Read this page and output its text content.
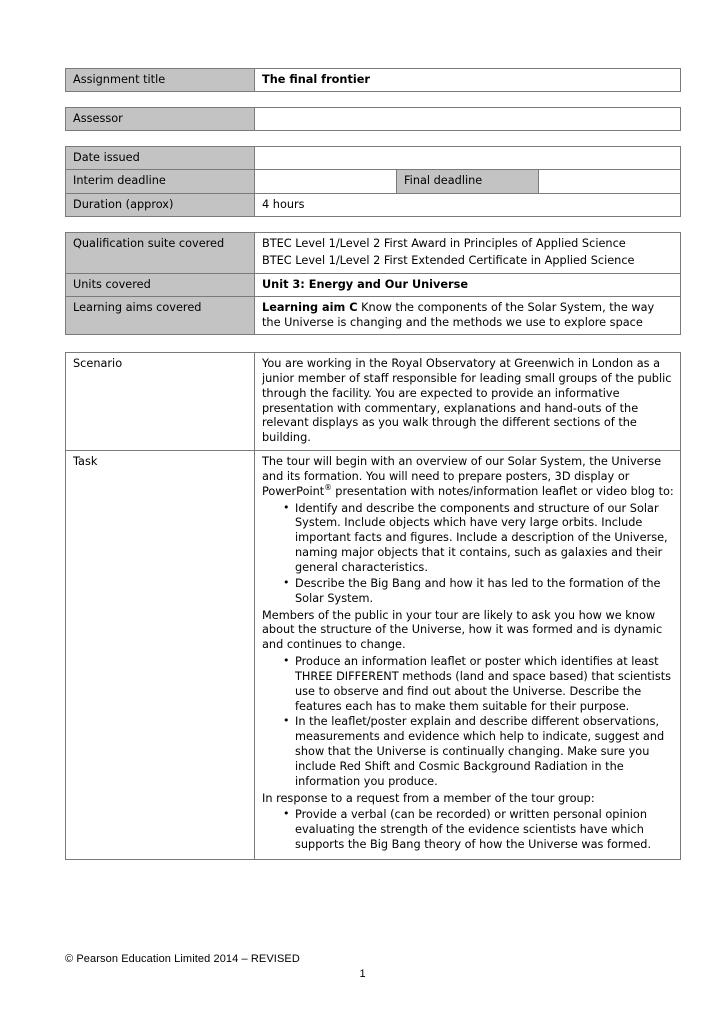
Assignment title	The final frontier
Assessor	
Date issued			
Interim deadline		Final deadline	
Duration (approx)	4 hours		
Qualification suite covered	BTEC Level 1/Level 2 First Award in Principles of Applied Science

BTEC Level 1/Level 2 First Extended Certificate in Applied Science

Units covered	Unit 3: Energy and Our Universe
Learning aims covered	Learning aim C Know the components of the Solar System, the way the Universe is changing and the methods we use to explore space
Scenario	You are working in the Royal Observatory at Greenwich in London as a junior member of staff responsible for leading small groups of the public through the facility. You are expected to provide an informative presentation with commentary, explanations and hand-outs of the relevant displays as you walk through the different sections of the building.

Task	The tour will begin with an overview of our Solar System, the Universe and its formation. You will need to prepare posters, 3D display or PowerPoint® presentation with notes/information leaflet or video blog to:

• Identify and describe the components and structure of our Solar System. Include objects which have very large orbits. Include important facts and figures. Include a description of the Universe, naming major objects that it contains, such as galaxies and their general characteristics.
• Describe the Big Bang and how it has led to the formation of the Solar System.

Members of the public in your tour are likely to ask you how we know about the structure of the Universe, how it was formed and is dynamic and continues to change.

• Produce an information leaflet or poster which identifies at least THREE DIFFERENT methods (land and space based) that scientists use to observe and find out about the Universe. Describe the features each has to make them suitable for their purpose.
• In the leaflet/poster explain and describe different observations, measurements and evidence which help to indicate, suggest and show that the Universe is continually changing. Make sure you include Red Shift and Cosmic Background Radiation in the information you produce.

In response to a request from a member of the tour group:

• Provide a verbal (can be recorded) or written personal opinion evaluating the strength of the evidence scientists have which supports the Big Bang theory of how the Universe was formed.
© Pearson Education Limited 2014 – REVISED
1
